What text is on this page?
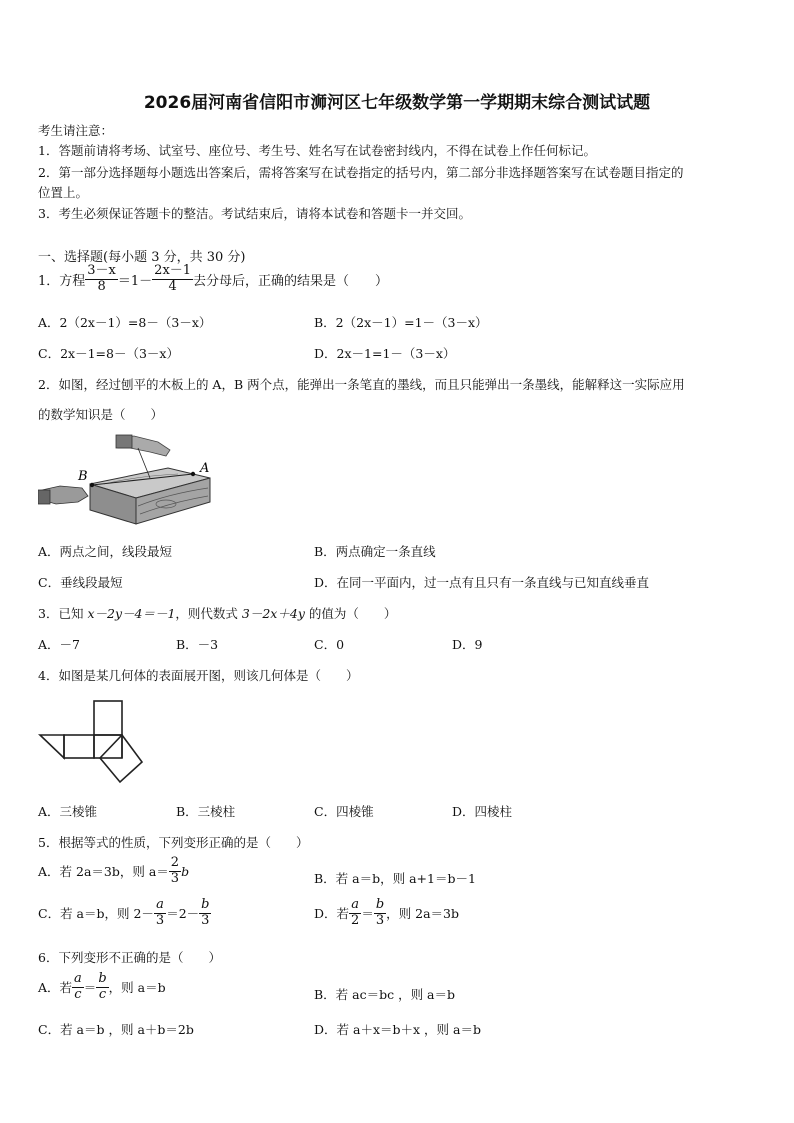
2026届河南省信阳市浉河区七年级数学第一学期期末综合测试试题
考生请注意：
1．答题前请将考场、试室号、座位号、考生号、姓名写在试卷密封线内，不得在试卷上作任何标记。
2．第一部分选择题每小题选出答案后，需将答案写在试卷指定的括号内，第二部分非选择题答案写在试卷题目指定的
位置上。
3．考生必须保证答题卡的整洁。考试结束后，请将本试卷和答题卡一并交回。
一、选择题(每小题 3 分，共 30 分)
1．方程 $\frac{3-x}{8} =1- \frac{2x-1}{4}$ 去分母后，正确的结果是（　　）
A．2（2x－1）=8－（3－x）	B．2（2x－1）=1－（3－x）
C．2x－1=8－（3－x）	D．2x－1=1－（3－x）
2．如图，经过刨平的木板上的 A，B 两个点，能弹出一条笔直的墨线，而且只能弹出一条墨线，能解释这一实际应用
的数学知识是（　　）
B
A
A．两点之间，线段最短	B．两点确定一条直线
C．垂线段最短	D．在同一平面内，过一点有且只有一条直线与已知直线垂直
3．已知 x－2y－4＝－1，则代数式 3－2x＋4y 的值为（　　）
A．－7	B．－3	C．0	D．9
4．如图是某几何体的表面展开图，则该几何体是（　　）
A．三棱锥	B．三棱柱	C．四棱锥	D．四棱柱
5．根据等式的性质，下列变形正确的是（　　）
A．若 2a＝3b，则 $a= \frac{2}{3}$ b	B．若 a＝b，则 a+1＝b－1
C．若 a＝b，则 $2- \frac{a}{3} =2- \frac{b}{3}$	D．若 $\frac{a}{2} = \frac{b}{3}$ ，则 2a＝3b
6．下列变形不正确的是（　　）
A．若 $\frac{a}{c} = \frac{b}{c}$ ，则 a＝b	B．若 ac＝bc ，则 a＝b
C．若 a＝b ，则 a＋b＝2b	D．若 a＋x＝b＋x ，则 a＝b
